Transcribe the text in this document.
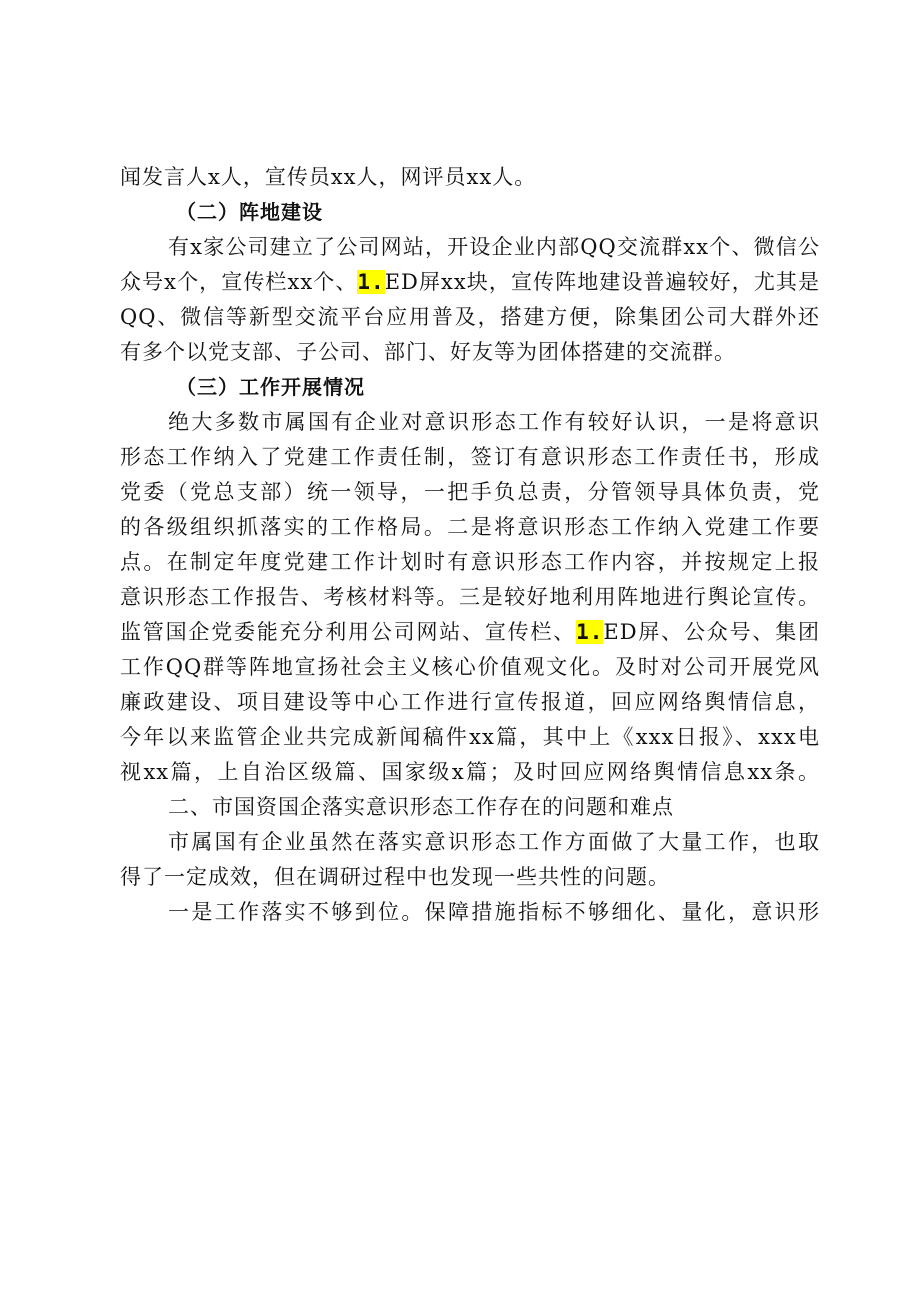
闻发言人x人，宣传员xx人，网评员xx人。
（二）阵地建设
有x家公司建立了公司网站，开设企业内部QQ交流群xx个、微信公
众号x个，宣传栏xx个、1.ED屏xx块，宣传阵地建设普遍较好，尤其是
QQ、微信等新型交流平台应用普及，搭建方便，除集团公司大群外还
有多个以党支部、子公司、部门、好友等为团体搭建的交流群。
（三）工作开展情况
绝大多数市属国有企业对意识形态工作有较好认识，一是将意识
形态工作纳入了党建工作责任制，签订有意识形态工作责任书，形成
党委（党总支部）统一领导，一把手负总责，分管领导具体负责，党
的各级组织抓落实的工作格局。二是将意识形态工作纳入党建工作要
点。在制定年度党建工作计划时有意识形态工作内容，并按规定上报
意识形态工作报告、考核材料等。三是较好地利用阵地进行舆论宣传。
监管国企党委能充分利用公司网站、宣传栏、1.ED屏、公众号、集团
工作QQ群等阵地宣扬社会主义核心价值观文化。及时对公司开展党风
廉政建设、项目建设等中心工作进行宣传报道，回应网络舆情信息，
今年以来监管企业共完成新闻稿件xx篇，其中上《xxx日报》、xxx电
视xx篇，上自治区级篇、国家级x篇；及时回应网络舆情信息xx条。
二、市国资国企落实意识形态工作存在的问题和难点
市属国有企业虽然在落实意识形态工作方面做了大量工作，也取
得了一定成效，但在调研过程中也发现一些共性的问题。
一是工作落实不够到位。保障措施指标不够细化、量化，意识形
